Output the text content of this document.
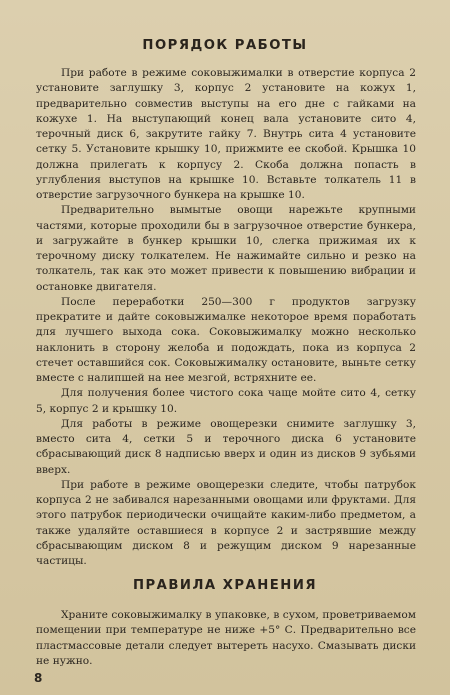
ПОРЯДОК РАБОТЫ

При работе в режиме соковыжималки в отверстие корпуса 2 установите заглушку 3, корпус 2 установите на кожух 1, предварительно совместив выступы на его дне с гайками на кожухе 1. На выступающий конец вала установите сито 4, терочный диск 6, закрутите гайку 7. Внутрь сита 4 установите сетку 5. Установите крышку 10, прижмите ее скобой. Крышка 10 должна прилегать к корпусу 2. Скоба должна попасть в углубления выступов на крышке 10. Вставьте толкатель 11 в отверстие загрузочного бункера на крышке 10.

Предварительно вымытые овощи нарежьте крупными частями, которые проходили бы в загрузочное отверстие бункера, и загружайте в бункер крышки 10, слегка прижимая их к терочному диску толкателем. Не нажимайте сильно и резко на толкатель, так как это может привести к повышению вибрации и остановке двигателя.

После переработки 250—300 г продуктов загрузку прекратите и дайте соковыжималке некоторое время поработать для лучшего выхода сока. Соковыжималку можно несколько наклонить в сторону желоба и подождать, пока из корпуса 2 стечет оставшийся сок. Соковыжималку остановите, выньте сетку вместе с налипшей на нее мезгой, встряхните ее.

Для получения более чистого сока чаще мойте сито 4, сетку 5, корпус 2 и крышку 10.

Для работы в режиме овощерезки снимите заглушку 3, вместо сита 4, сетки 5 и терочного диска 6 установите сбрасывающий диск 8 надписью вверх и один из дисков 9 зубьями вверх.

При работе в режиме овощерезки следите, чтобы патрубок корпуса 2 не забивался нарезанными овощами или фруктами. Для этого патрубок периодически очищайте каким-либо предметом, а также удаляйте оставшиеся в корпусе 2 и застрявшие между сбрасывающим диском 8 и режущим диском 9 нарезанные частицы.

ПРАВИЛА ХРАНЕНИЯ

Храните соковыжималку в упаковке, в сухом, проветриваемом помещении при температуре не ниже +5° С. Предварительно все пластмассовые детали следует вытереть насухо. Смазывать диски не нужно.

8
